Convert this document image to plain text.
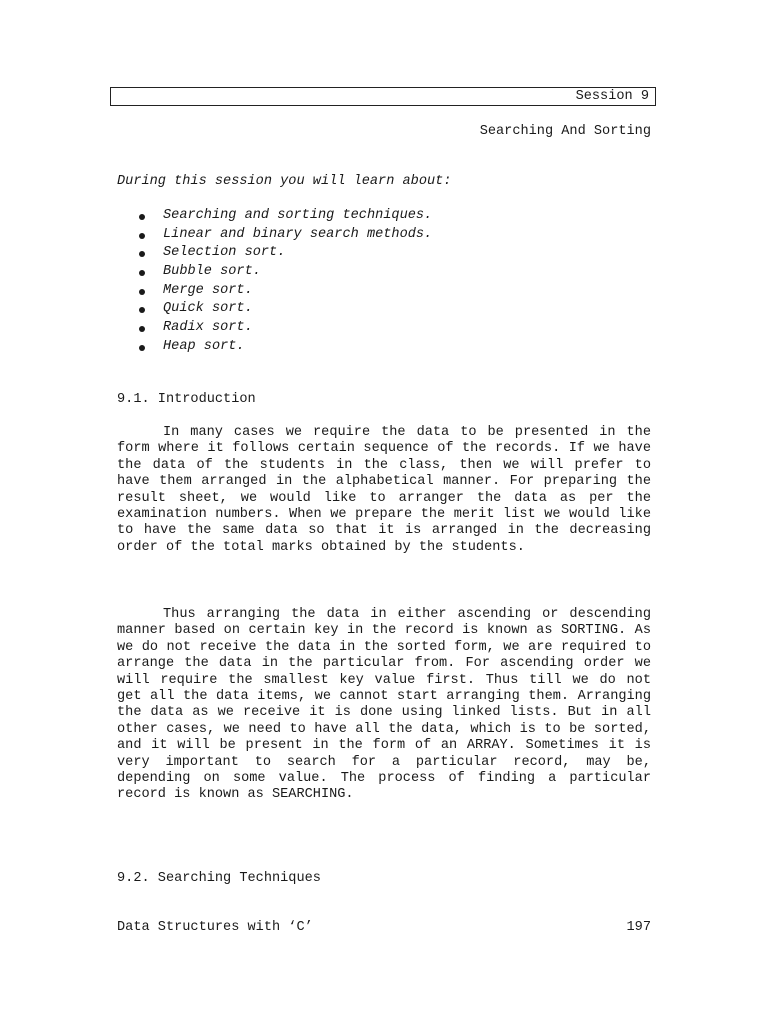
Session 9
Searching And Sorting
During this session you will learn about:
Searching and sorting techniques.
Linear and binary search methods.
Selection sort.
Bubble sort.
Merge sort.
Quick sort.
Radix sort.
Heap sort.
9.1. Introduction

In many cases we require the data to be presented in the form where it follows certain sequence of the records. If we have the data of the students in the class, then we will prefer to have them arranged in the alphabetical manner. For preparing the result sheet, we would like to arranger the data as per the examination numbers. When we prepare the merit list we would like to have the same data so that it is arranged in the decreasing order of the total marks obtained by the students.

Thus arranging the data in either ascending or descending manner based on certain key in the record is known as SORTING. As we do not receive the data in the sorted form, we are required to arrange the data in the particular from. For ascending order we will require the smallest key value first. Thus till we do not get all the data items, we cannot start arranging them. Arranging the data as we receive it is done using linked lists. But in all other cases, we need to have all the data, which is to be sorted, and it will be present in the form of an ARRAY. Sometimes it is very important to search for a particular record, may be, depending on some value. The process of finding a particular record is known as SEARCHING.

9.2. Searching Techniques
Data Structures with ‘C’	197
